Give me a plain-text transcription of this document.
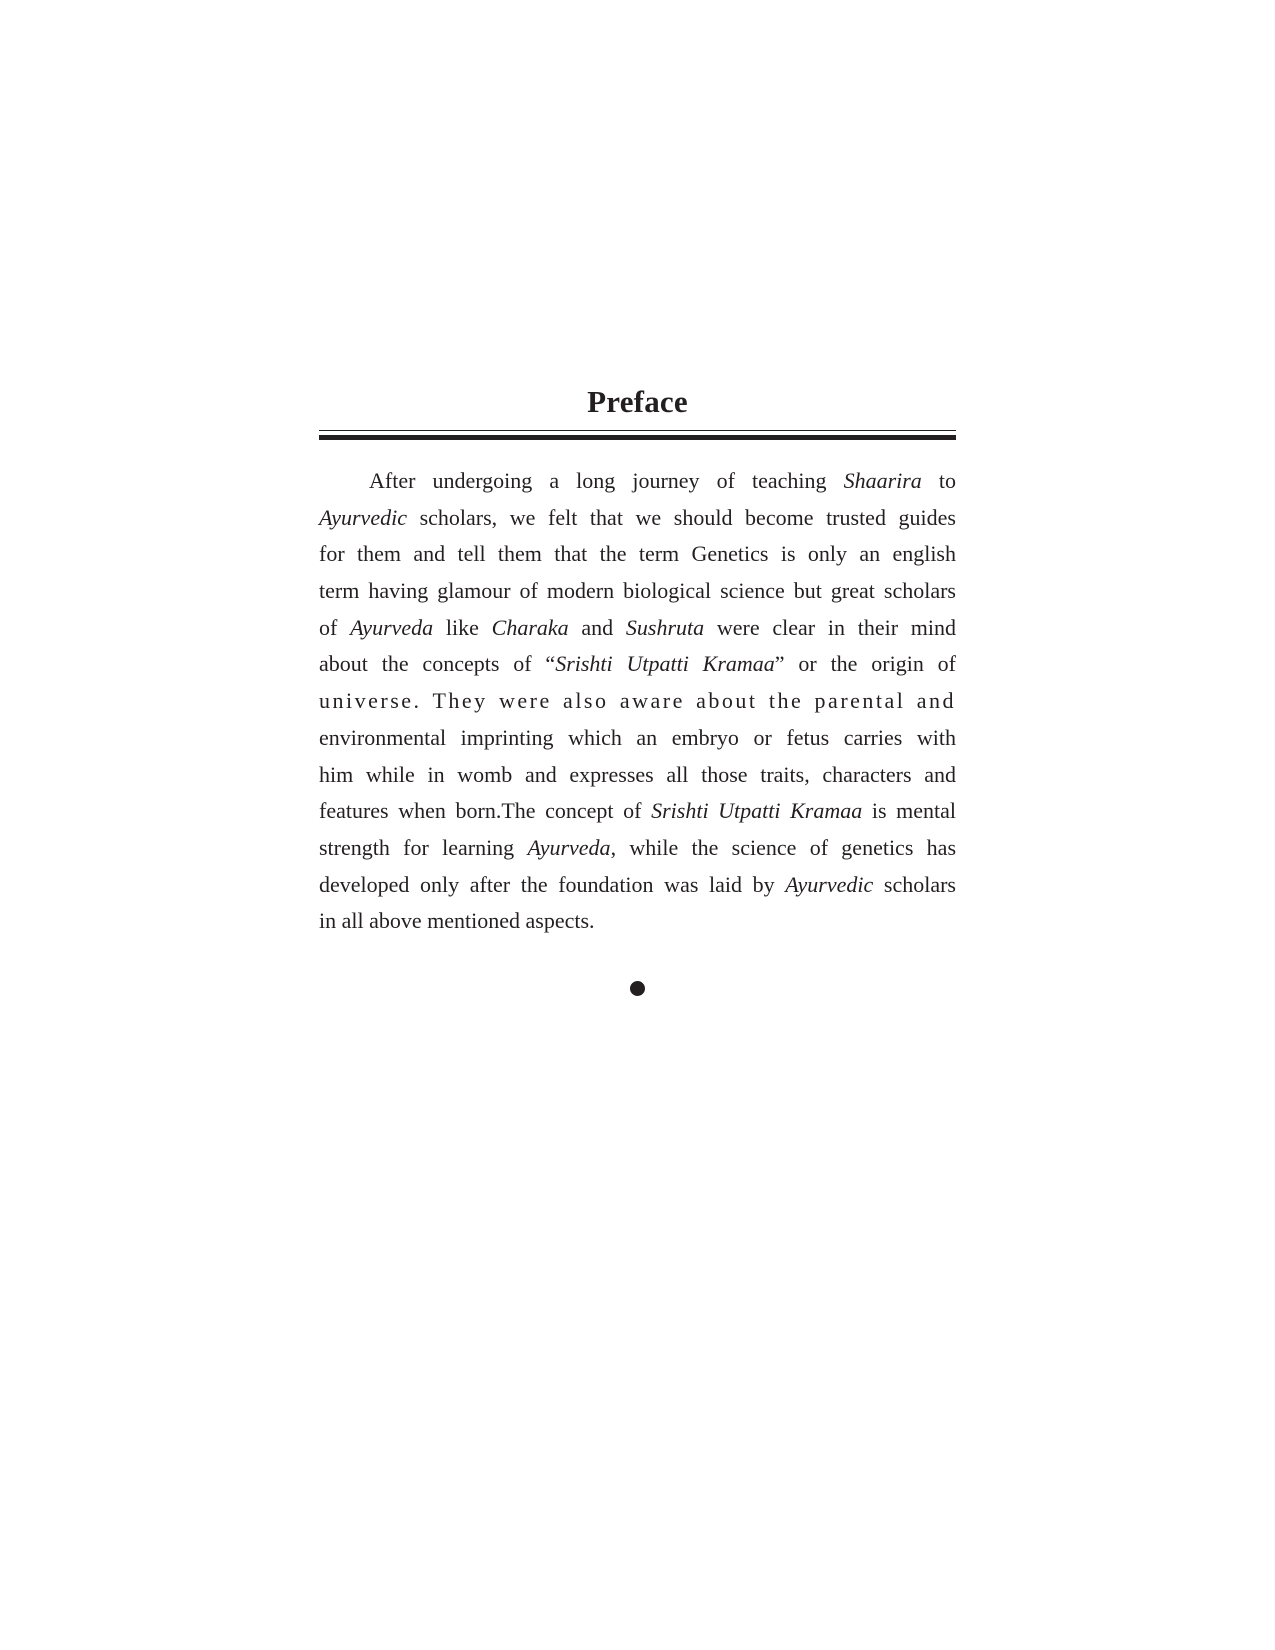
Preface
After undergoing a long journey of teaching Shaarira to
Ayurvedic scholars, we felt that we should become trusted guides
for them and tell them that the term Genetics is only an english
term having glamour of modern biological science but great scholars
of Ayurveda like Charaka and Sushruta were clear in their mind
about the concepts of “Srishti Utpatti Kramaa” or the origin of
universe. They were also aware about the parental and
environmental imprinting which an embryo or fetus carries with
him while in womb and expresses all those traits, characters and
features when born.The concept of Srishti Utpatti Kramaa is mental
strength for learning Ayurveda, while the science of genetics has
developed only after the foundation was laid by Ayurvedic scholars
in all above mentioned aspects.
